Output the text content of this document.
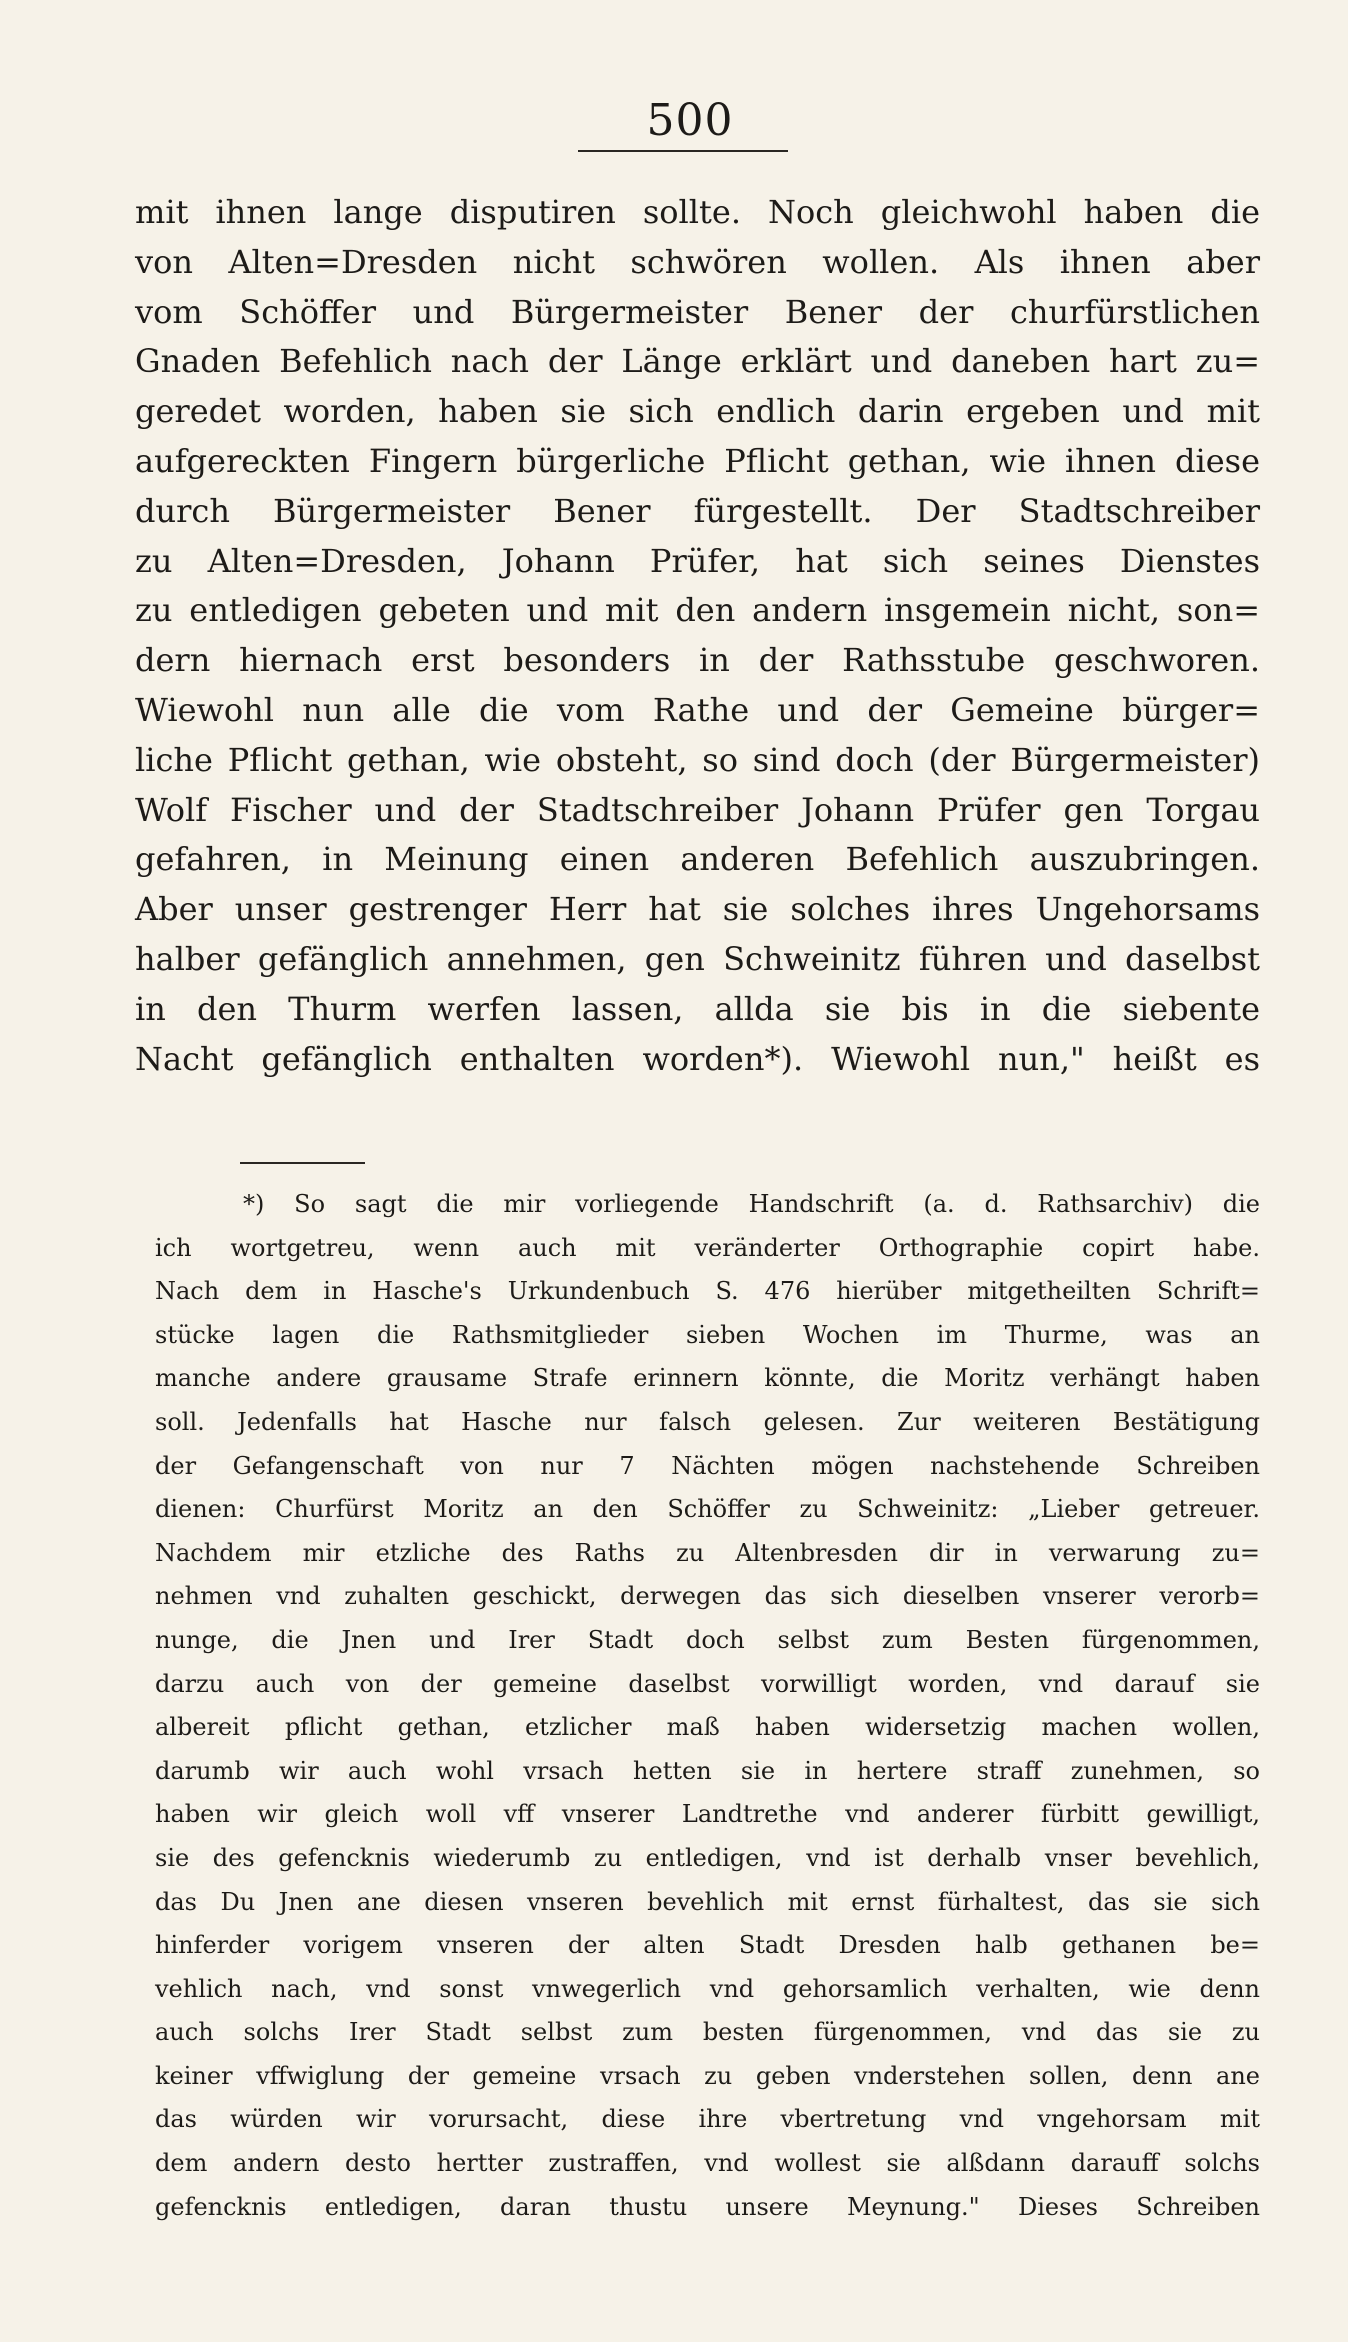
500
mit ihnen lange disputiren sollte. Noch gleichwohl haben die
von Alten=Dresden nicht schwören wollen. Als ihnen aber
vom Schöffer und Bürgermeister Bener der churfürstlichen
Gnaden Befehlich nach der Länge erklärt und daneben hart zu=
geredet worden, haben sie sich endlich darin ergeben und mit
aufgereckten Fingern bürgerliche Pflicht gethan, wie ihnen diese
durch Bürgermeister Bener fürgestellt. Der Stadtschreiber
zu Alten=Dresden, Johann Prüfer, hat sich seines Dienstes
zu entledigen gebeten und mit den andern insgemein nicht, son=
dern hiernach erst besonders in der Rathsstube geschworen.
Wiewohl nun alle die vom Rathe und der Gemeine bürger=
liche Pflicht gethan, wie obsteht, so sind doch (der Bürgermeister)
Wolf Fischer und der Stadtschreiber Johann Prüfer gen Torgau
gefahren, in Meinung einen anderen Befehlich auszubringen.
Aber unser gestrenger Herr hat sie solches ihres Ungehorsams
halber gefänglich annehmen, gen Schweinitz führen und daselbst
in den Thurm werfen lassen, allda sie bis in die siebente
Nacht gefänglich enthalten worden*). Wiewohl nun," heißt es
*) So sagt die mir vorliegende Handschrift (a. d. Rathsarchiv) die
ich wortgetreu, wenn auch mit veränderter Orthographie copirt habe.
Nach dem in Hasche's Urkundenbuch S. 476 hierüber mitgetheilten Schrift=
stücke lagen die Rathsmitglieder sieben Wochen im Thurme, was an
manche andere grausame Strafe erinnern könnte, die Moritz verhängt haben
soll. Jedenfalls hat Hasche nur falsch gelesen. Zur weiteren Bestätigung
der Gefangenschaft von nur 7 Nächten mögen nachstehende Schreiben
dienen: Churfürst Moritz an den Schöffer zu Schweinitz: „Lieber getreuer.
Nachdem mir etzliche des Raths zu Altenbresden dir in verwarung zu=
nehmen vnd zuhalten geschickt, derwegen das sich dieselben vnserer verorb=
nunge, die Jnen und Irer Stadt doch selbst zum Besten fürgenommen,
darzu auch von der gemeine daselbst vorwilligt worden, vnd darauf sie
albereit pflicht gethan, etzlicher maß haben widersetzig machen wollen,
darumb wir auch wohl vrsach hetten sie in hertere straff zunehmen, so
haben wir gleich woll vff vnserer Landtrethe vnd anderer fürbitt gewilligt,
sie des gefencknis wiederumb zu entledigen, vnd ist derhalb vnser bevehlich,
das Du Jnen ane diesen vnseren bevehlich mit ernst fürhaltest, das sie sich
hinferder vorigem vnseren der alten Stadt Dresden halb gethanen be=
vehlich nach, vnd sonst vnwegerlich vnd gehorsamlich verhalten, wie denn
auch solchs Irer Stadt selbst zum besten fürgenommen, vnd das sie zu
keiner vffwiglung der gemeine vrsach zu geben vnderstehen sollen, denn ane
das würden wir vorursacht, diese ihre vbertretung vnd vngehorsam mit
dem andern desto hertter zustraffen, vnd wollest sie alßdann darauff solchs
gefencknis entledigen, daran thustu unsere Meynung." Dieses Schreiben
